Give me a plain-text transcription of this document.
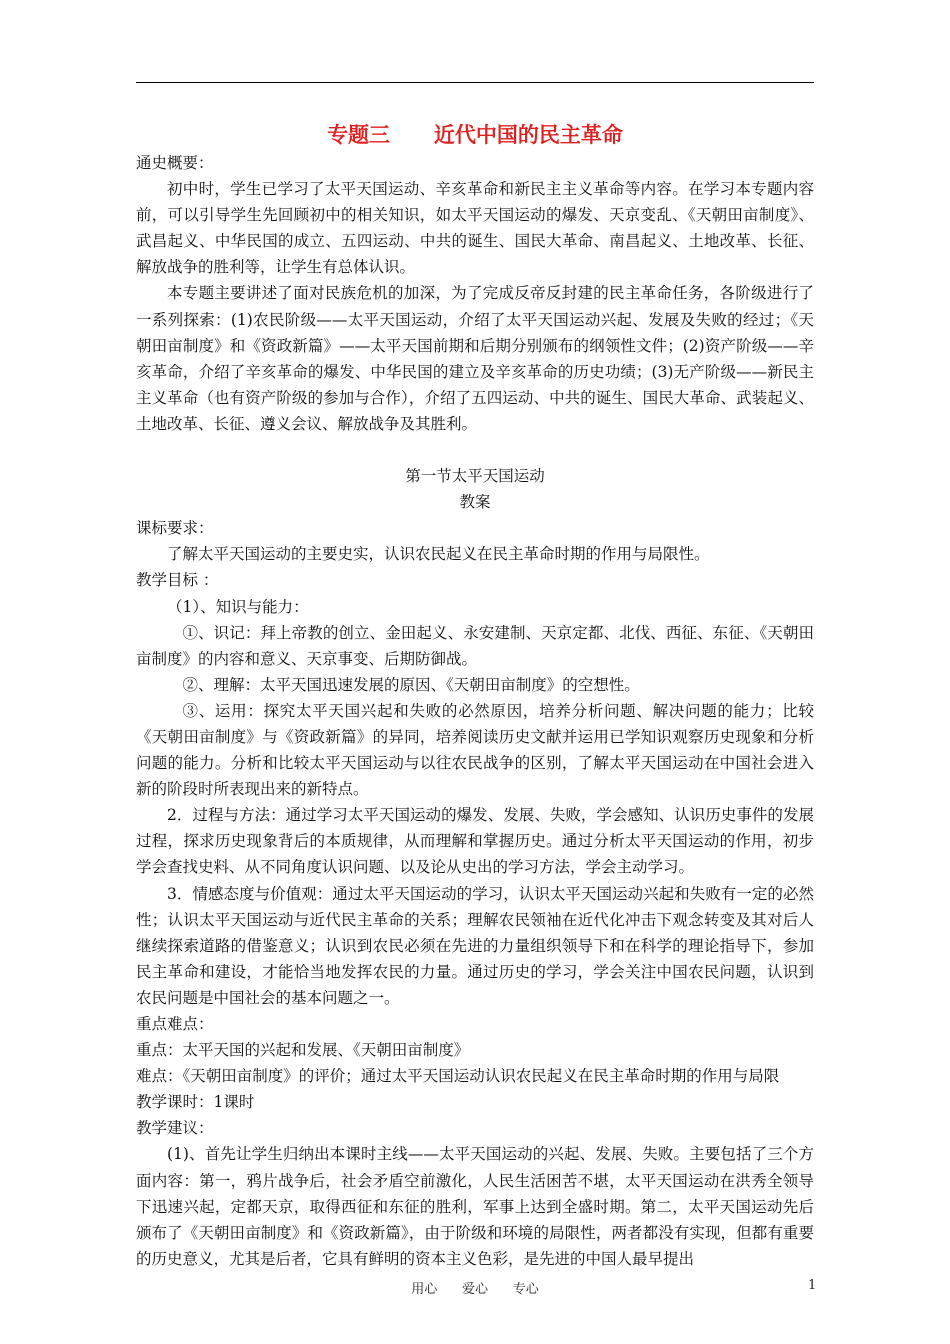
专题三      近代中国的民主革命

通史概要：

初中时，学生已学习了太平天国运动、辛亥革命和新民主主义革命等内容。在学习本专题内容前，可以引导学生先回顾初中的相关知识，如太平天国运动的爆发、天京变乱、《天朝田亩制度》、武昌起义、中华民国的成立、五四运动、中共的诞生、国民大革命、南昌起义、土地改革、长征、解放战争的胜利等，让学生有总体认识。

本专题主要讲述了面对民族危机的加深，为了完成反帝反封建的民主革命任务，各阶级进行了一系列探索：(1)农民阶级——太平天国运动，介绍了太平天国运动兴起、发展及失败的经过；《天朝田亩制度》和《资政新篇》——太平天国前期和后期分别颁布的纲领性文件；(2)资产阶级——辛亥革命，介绍了辛亥革命的爆发、中华民国的建立及辛亥革命的历史功绩；(3)无产阶级——新民主主义革命（也有资产阶级的参加与合作），介绍了五四运动、中共的诞生、国民大革命、武装起义、土地改革、长征、遵义会议、解放战争及其胜利。

第一节太平天国运动

教案

课标要求：

了解太平天国运动的主要史实，认识农民起义在民主革命时期的作用与局限性。

教学目标 ：

（1）、知识与能力：

①、识记：拜上帝教的创立、金田起义、永安建制、天京定都、北伐、西征、东征、《天朝田亩制度》的内容和意义、天京事变、后期防御战。

②、理解：太平天国迅速发展的原因、《天朝田亩制度》的空想性。

③、运用：探究太平天国兴起和失败的必然原因，培养分析问题、解决问题的能力；比较《天朝田亩制度》与《资政新篇》的异同，培养阅读历史文献并运用已学知识观察历史现象和分析问题的能力。分析和比较太平天国运动与以往农民战争的区别，了解太平天国运动在中国社会进入新的阶段时所表现出来的新特点。

2．过程与方法：通过学习太平天国运动的爆发、发展、失败，学会感知、认识历史事件的发展过程，探求历史现象背后的本质规律，从而理解和掌握历史。通过分析太平天国运动的作用，初步学会查找史料、从不同角度认识问题、以及论从史出的学习方法，学会主动学习。

3．情感态度与价值观：通过太平天国运动的学习，认识太平天国运动兴起和失败有一定的必然性；认识太平天国运动与近代民主革命的关系；理解农民领袖在近代化冲击下观念转变及其对后人继续探索道路的借鉴意义；认识到农民必须在先进的力量组织领导下和在科学的理论指导下，参加民主革命和建设，才能恰当地发挥农民的力量。通过历史的学习，学会关注中国农民问题，认识到农民问题是中国社会的基本问题之一。

重点难点：

重点：太平天国的兴起和发展、《天朝田亩制度》

难点：《天朝田亩制度》的评价；通过太平天国运动认识农民起义在民主革命时期的作用与局限

教学课时：1课时

教学建议：

(1)、首先让学生归纳出本课时主线——太平天国运动的兴起、发展、失败。主要包括了三个方面内容：第一，鸦片战争后，社会矛盾空前激化，人民生活困苦不堪，太平天国运动在洪秀全领导下迅速兴起，定都天京，取得西征和东征的胜利，军事上达到全盛时期。第二，太平天国运动先后颁布了《天朝田亩制度》和《资政新篇》，由于阶级和环境的局限性，两者都没有实现，但都有重要的历史意义，尤其是后者，它具有鲜明的资本主义色彩，是先进的中国人最早提出

用心      爱心      专心	1
